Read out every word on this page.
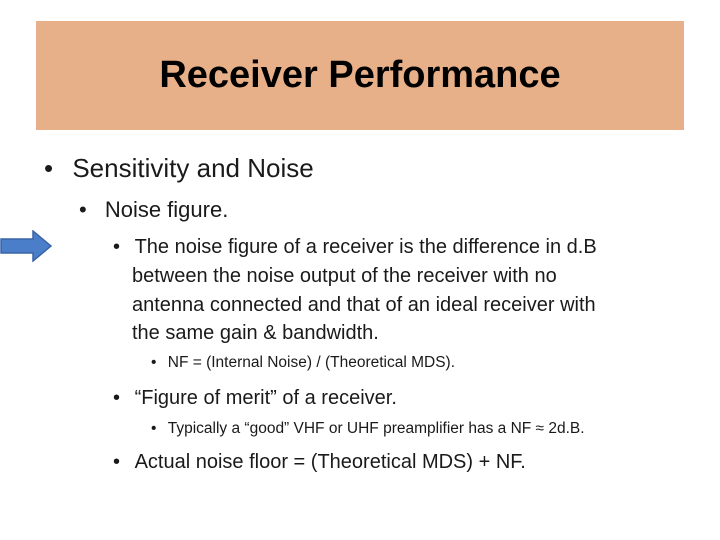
Receiver Performance
• Sensitivity and Noise
• Noise figure.
• The noise figure of a receiver is the difference in d.B
between the noise output of the receiver with no
antenna connected and that of an ideal receiver with
the same gain & bandwidth.
• NF = (Internal Noise) / (Theoretical MDS).
• “Figure of merit” of a receiver.
• Typically a “good” VHF or UHF preamplifier has a NF ≈ 2d.B.
• Actual noise floor = (Theoretical MDS) + NF.
